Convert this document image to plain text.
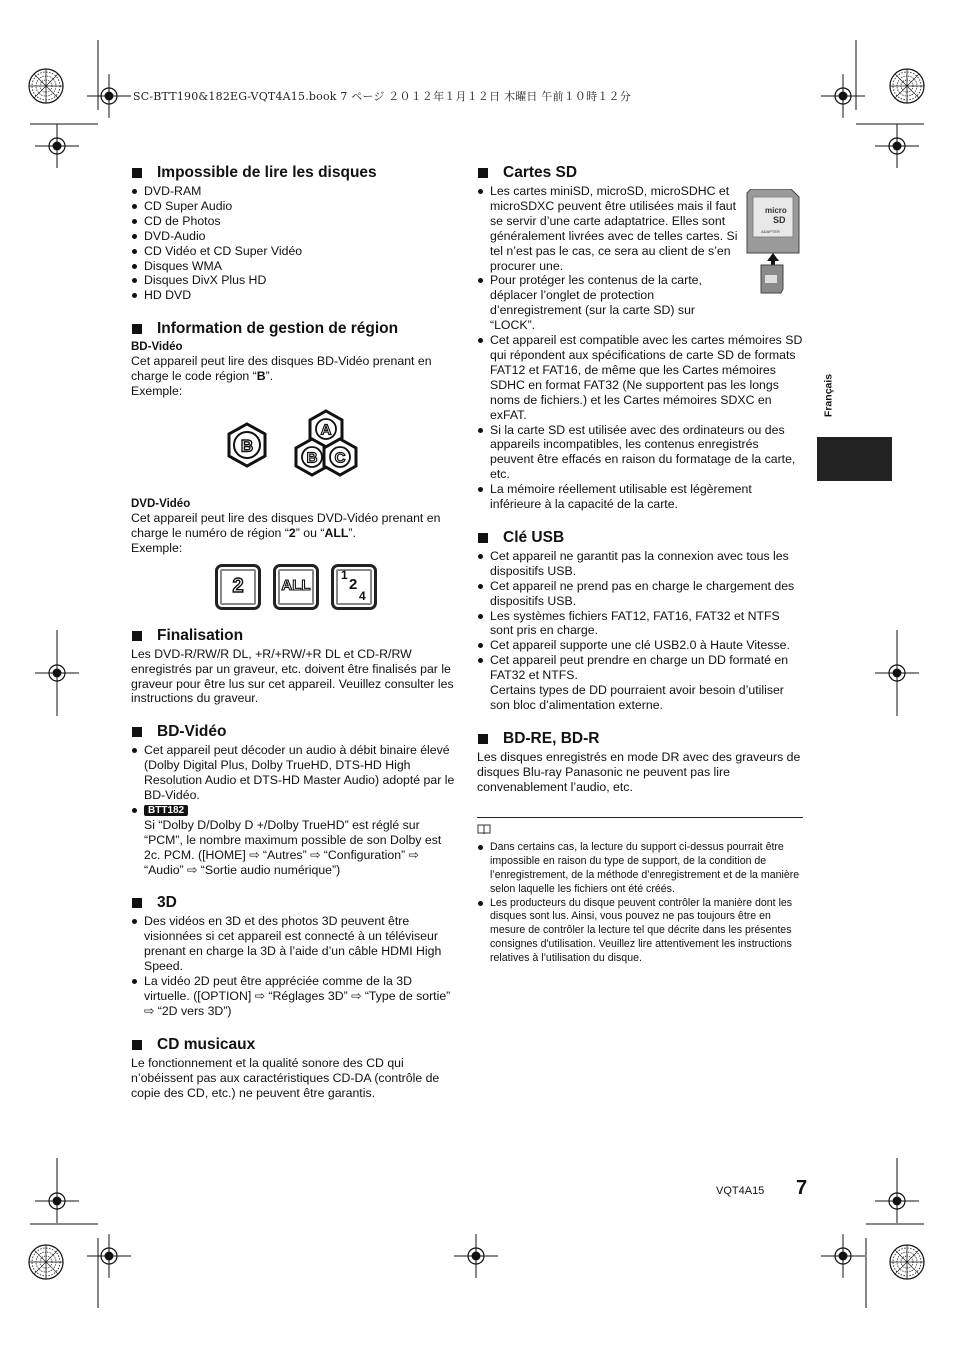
SC-BTT190&182EG-VQT4A15.book 7 ページ ２０１２年１月１２日 木曜日 午前１０時１２分
Français
Impossible de lire les disques
DVD-RAM
CD Super Audio
CD de Photos
DVD-Audio
CD Vidéo et CD Super Vidéo
Disques WMA
Disques DivX Plus HD
HD DVD
Information de gestion de région
BD-Vidéo

Cet appareil peut lire des disques BD-Vidéo prenant en charge le code région “B”.

Exemple:

B
A
B C
DVD-Vidéo

Cet appareil peut lire des disques DVD-Vidéo prenant en charge le numéro de région “2” ou “ALL”.

Exemple:

2	ALL
1
2
4
Finalisation

Les DVD-R/RW/R DL, +R/+RW/+R DL et CD-R/RW enregistrés par un graveur, etc. doivent être finalisés par le graveur pour être lus sur cet appareil. Veuillez consulter les instructions du graveur.

BD-Vidéo
Cet appareil peut décoder un audio à débit binaire élevé (Dolby Digital Plus, Dolby TrueHD, DTS-HD High Resolution Audio et DTS-HD Master Audio) adopté par le BD-Vidéo.
BTT182
Si “Dolby D/Dolby D +/Dolby TrueHD” est réglé sur “PCM”, le nombre maximum possible de son Dolby est 2c. PCM. ([HOME] ⇨ “Autres” ⇨ “Configuration” ⇨ “Audio” ⇨ “Sortie audio numérique”)
3D
Des vidéos en 3D et des photos 3D peuvent être visionnées si cet appareil est connecté à un téléviseur prenant en charge la 3D à l’aide d’un câble HDMI High Speed.
La vidéo 2D peut être appréciée comme de la 3D virtuelle. ([OPTION] ⇨ “Réglages 3D” ⇨ “Type de sortie” ⇨ “2D vers 3D”)
CD musicaux

Le fonctionnement et la qualité sonore des CD qui n’obéissent pas aux caractéristiques CD-DA (contrôle de copie des CD, etc.) ne peuvent être garantis.

Cartes SD
micro
SD
ADAPTER
Les cartes miniSD, microSD, microSDHC et microSDXC peuvent être utilisées mais il faut se servir d’une carte adaptatrice. Elles sont généralement livrées avec de telles cartes. Si tel n’est pas le cas, ce sera au client de s’en procurer une.
Pour protéger les contenus de la carte, déplacer l’onglet de protection d’enregistrement (sur la carte SD) sur “LOCK”.
Cet appareil est compatible avec les cartes mémoires SD qui répondent aux spécifications de carte SD de formats FAT12 et FAT16, de même que les Cartes mémoires SDHC en format FAT32 (Ne supportent pas les longs noms de fichiers.) et les Cartes mémoires SDXC en exFAT.
Si la carte SD est utilisée avec des ordinateurs ou des appareils incompatibles, les contenus enregistrés peuvent être effacés en raison du formatage de la carte, etc.
La mémoire réellement utilisable est légèrement inférieure à la capacité de la carte.
Clé USB
Cet appareil ne garantit pas la connexion avec tous les dispositifs USB.
Cet appareil ne prend pas en charge le chargement des dispositifs USB.
Les systèmes fichiers FAT12, FAT16, FAT32 et NTFS sont pris en charge.
Cet appareil supporte une clé USB2.0 à Haute Vitesse.
Cet appareil peut prendre en charge un DD formaté en FAT32 et NTFS.

Certains types de DD pourraient avoir besoin d’utiliser son bloc d’alimentation externe.

BD-RE, BD-R

Les disques enregistrés en mode DR avec des graveurs de disques Blu-ray Panasonic ne peuvent pas lire convenablement l’audio, etc.

Dans certains cas, la lecture du support ci-dessus pourrait être impossible en raison du type de support, de la condition de l’enregistrement, de la méthode d’enregistrement et de la manière selon laquelle les fichiers ont été créés.
Les producteurs du disque peuvent contrôler la manière dont les disques sont lus. Ainsi, vous pouvez ne pas toujours être en mesure de contrôler la lecture tel que décrite dans les présentes consignes d'utilisation. Veuillez lire attentivement les instructions relatives à l’utilisation du disque.
VQT4A15 7
